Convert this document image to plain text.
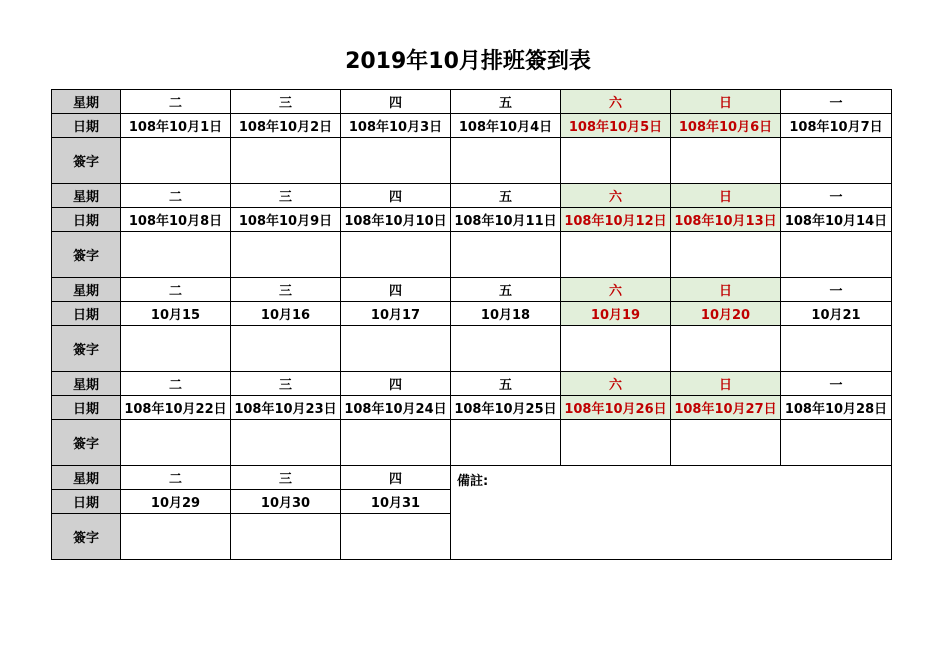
2019年10月排班簽到表
星期	二	三	四	五	六	日	一
日期	108年10月1日	108年10月2日	108年10月3日	108年10月4日	108年10月5日	108年10月6日	108年10月7日
簽字							
星期	二	三	四	五	六	日	一
日期	108年10月8日	108年10月9日	108年10月10日	108年10月11日	108年10月12日	108年10月13日	108年10月14日
簽字							
星期	二	三	四	五	六	日	一
日期	10月15	10月16	10月17	10月18	10月19	10月20	10月21
簽字							
星期	二	三	四	五	六	日	一
日期	108年10月22日	108年10月23日	108年10月24日	108年10月25日	108年10月26日	108年10月27日	108年10月28日
簽字							
星期	二	三	四	備註:			
日期	10月29	10月30	10月31				
簽字							
